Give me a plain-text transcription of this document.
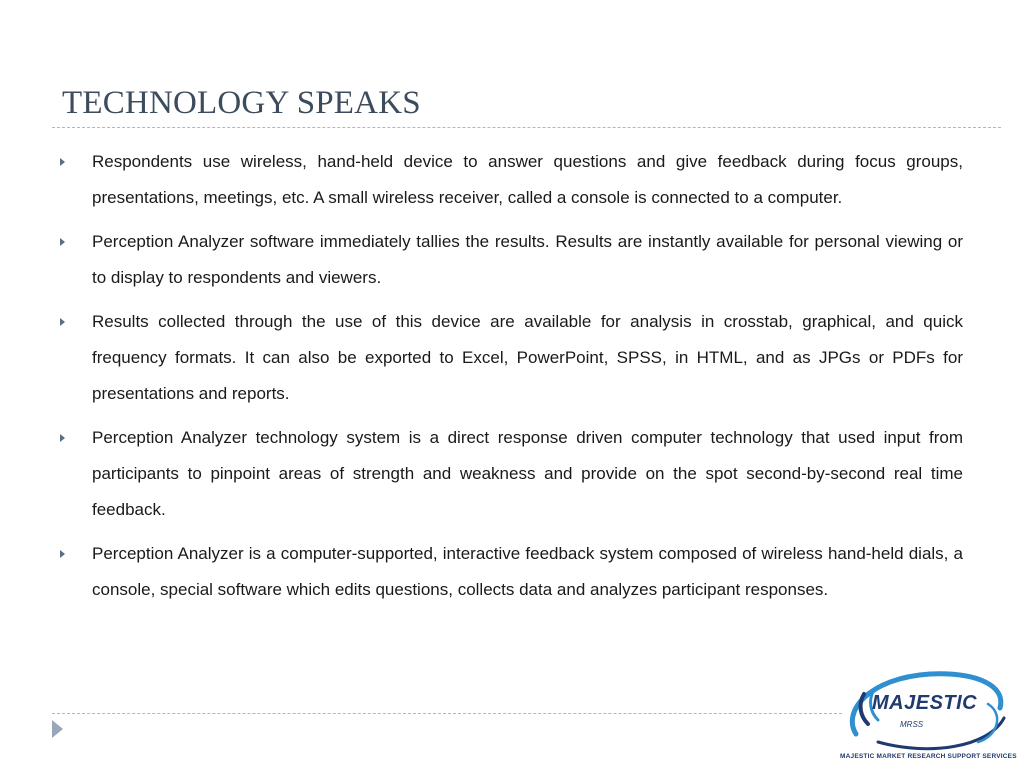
TECHNOLOGY SPEAKS
Respondents use wireless, hand-held device to answer questions and give feedback during focus groups, presentations, meetings, etc. A small wireless receiver, called a console is connected to a computer.
Perception Analyzer software immediately tallies the results. Results are instantly available for personal viewing or to display to respondents and viewers.
Results collected through the use of this device are available for analysis in crosstab, graphical, and quick frequency formats. It can also be exported to Excel, PowerPoint, SPSS, in HTML, and as JPGs or PDFs for presentations and reports.
Perception Analyzer technology system is a direct response driven computer technology that used input from participants to pinpoint areas of strength and weakness and provide on the spot second-by-second real time feedback.
Perception Analyzer is a computer-supported, interactive feedback system composed of wireless hand-held dials, a console, special software which edits questions, collects data and analyzes participant responses.
MAJESTIC
MRSS
MAJESTIC MARKET RESEARCH SUPPORT SERVICES
